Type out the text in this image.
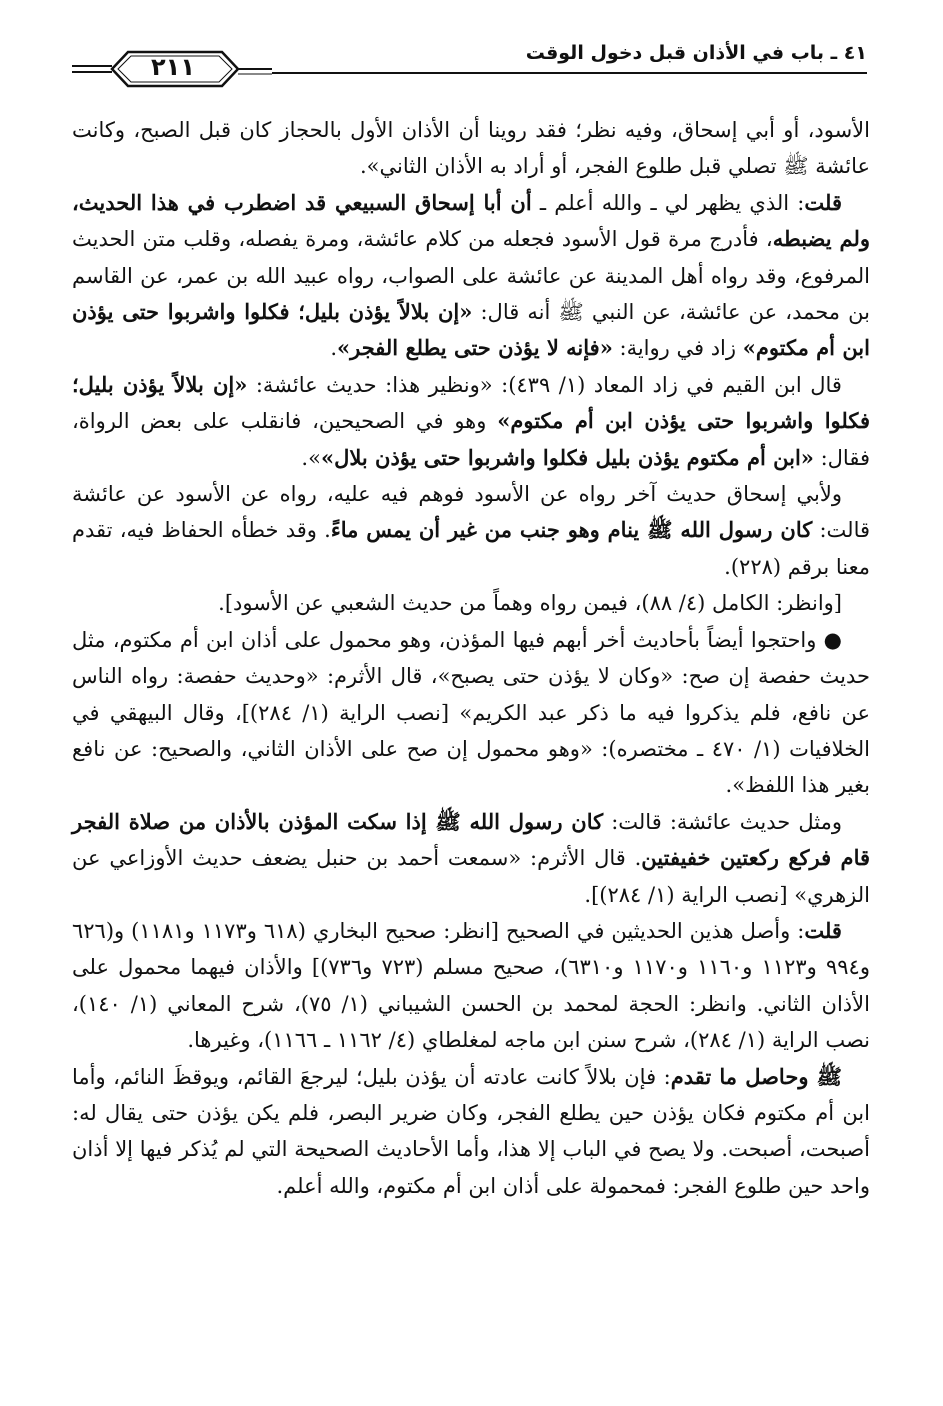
٢١١	٤١ ـ باب في الأذان قبل دخول الوقت

الأسود، أو أبي إسحاق، وفيه نظر؛ فقد روينا أن الأذان الأول بالحجاز كان قبل الصبح، وكانت عائشة ﷺ تصلي قبل طلوع الفجر، أو أراد به الأذان الثاني».

قلت: الذي يظهر لي ـ والله أعلم ـ أن أبا إسحاق السبيعي قد اضطرب في هذا الحديث، ولم يضبطه، فأدرج مرة قول الأسود فجعله من كلام عائشة، ومرة يفصله، وقلب متن الحديث المرفوع، وقد رواه أهل المدينة عن عائشة على الصواب، رواه عبيد الله بن عمر، عن القاسم بن محمد، عن عائشة، عن النبي ﷺ أنه قال: «إن بلالاً يؤذن بليل؛ فكلوا واشربوا حتى يؤذن ابن أم مكتوم» زاد في رواية: «فإنه لا يؤذن حتى يطلع الفجر».

قال ابن القيم في زاد المعاد (١/ ٤٣٩): «ونظير هذا: حديث عائشة: «إن بلالاً يؤذن بليل؛ فكلوا واشربوا حتى يؤذن ابن أم مكتوم» وهو في الصحيحين، فانقلب على بعض الرواة، فقال: «ابن أم مكتوم يؤذن بليل فكلوا واشربوا حتى يؤذن بلال»».

ولأبي إسحاق حديث آخر رواه عن الأسود فوهم فيه عليه، رواه عن الأسود عن عائشة قالت: كان رسول الله ﷺ ينام وهو جنب من غير أن يمس ماءً. وقد خطأه الحفاظ فيه، تقدم معنا برقم (٢٢٨).

[وانظر: الكامل (٤/ ٨٨)، فيمن رواه وهماً من حديث الشعبي عن الأسود].

● واحتجوا أيضاً بأحاديث أخر أبهم فيها المؤذن، وهو محمول على أذان ابن أم مكتوم، مثل حديث حفصة إن صح: «وكان لا يؤذن حتى يصبح»، قال الأثرم: «وحديث حفصة: رواه الناس عن نافع، فلم يذكروا فيه ما ذكر عبد الكريم» [نصب الراية (١/ ٢٨٤)]، وقال البيهقي في الخلافيات (١/ ٤٧٠ ـ مختصره): «وهو محمول إن صح على الأذان الثاني، والصحيح: عن نافع بغير هذا اللفظ».

ومثل حديث عائشة: قالت: كان رسول الله ﷺ إذا سكت المؤذن بالأذان من صلاة الفجر قام فركع ركعتين خفيفتين. قال الأثرم: «سمعت أحمد بن حنبل يضعف حديث الأوزاعي عن الزهري» [نصب الراية (١/ ٢٨٤)].

قلت: وأصل هذين الحديثين في الصحيح [انظر: صحيح البخاري (٦١٨ و١١٧٣ و١١٨١) و(٦٢٦ و٩٩٤ و١١٢٣ و١١٦٠ و١١٧٠ و٦٣١٠)، صحيح مسلم (٧٢٣ و٧٣٦)] والأذان فيهما محمول على الأذان الثاني. وانظر: الحجة لمحمد بن الحسن الشيباني (١/ ٧٥)، شرح المعاني (١/ ١٤٠)، نصب الراية (١/ ٢٨٤)، شرح سنن ابن ماجه لمغلطاي (٤/ ١١٦٢ ـ ١١٦٦)، وغيرها.

ﷺ وحاصل ما تقدم: فإن بلالاً كانت عادته أن يؤذن بليل؛ ليرجعَ القائم، ويوقظَ النائم، وأما ابن أم مكتوم فكان يؤذن حين يطلع الفجر، وكان ضرير البصر، فلم يكن يؤذن حتى يقال له: أصبحت، أصبحت. ولا يصح في الباب إلا هذا، وأما الأحاديث الصحيحة التي لم يُذكر فيها إلا أذان واحد حين طلوع الفجر: فمحمولة على أذان ابن أم مكتوم، والله أعلم.
